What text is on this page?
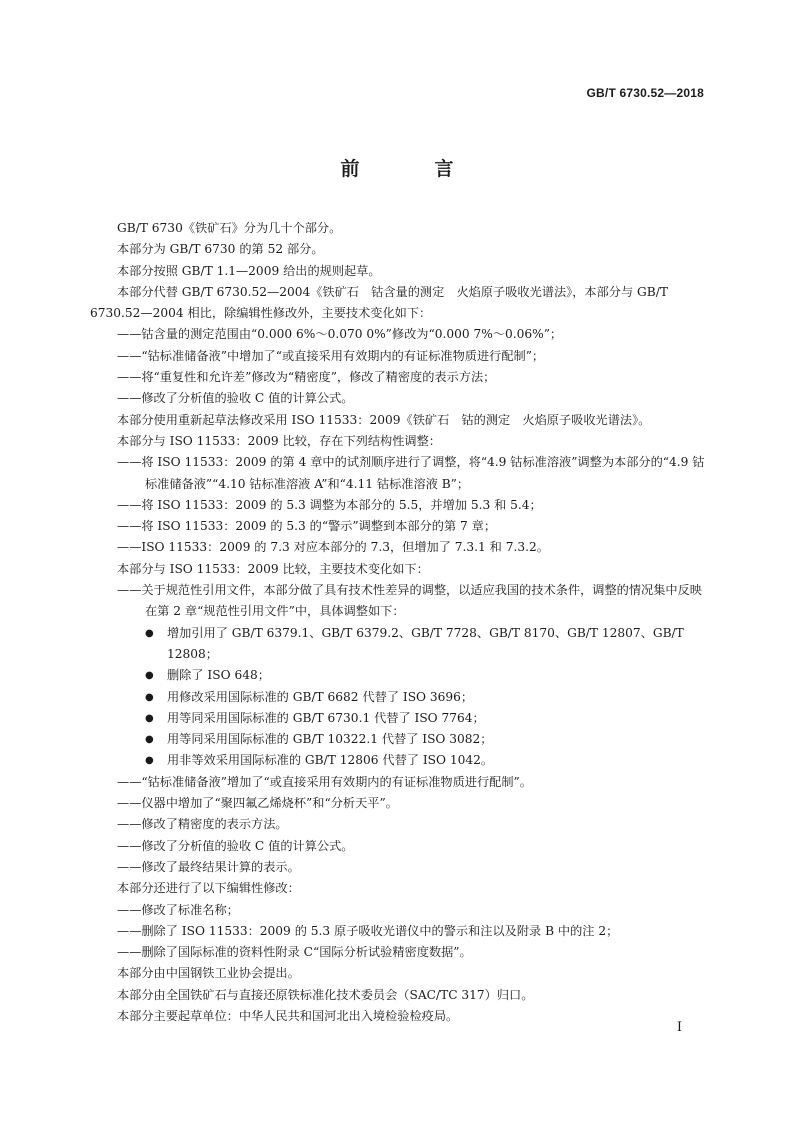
GB/T 6730.52—2018
前　言

GB/T 6730《铁矿石》分为几十个部分。

本部分为 GB/T 6730 的第 52 部分。

本部分按照 GB/T 1.1—2009 给出的规则起草。

本部分代替 GB/T 6730.52—2004《铁矿石　钴含量的测定　火焰原子吸收光谱法》，本部分与 GB/T 6730.52—2004 相比，除编辑性修改外，主要技术变化如下：

——钴含量的测定范围由“0.000 6%～0.070 0%”修改为“0.000 7%～0.06%”；

——“钴标准储备液”中增加了“或直接采用有效期内的有证标准物质进行配制”；

——将“重复性和允许差”修改为“精密度”，修改了精密度的表示方法；

——修改了分析值的验收 C 值的计算公式。

本部分使用重新起草法修改采用 ISO 11533：2009《铁矿石　钴的测定　火焰原子吸收光谱法》。

本部分与 ISO 11533：2009 比较，存在下列结构性调整：

——将 ISO 11533：2009 的第 4 章中的试剂顺序进行了调整，将“4.9 钴标准溶液”调整为本部分的“4.9 钴标准储备液”“4.10 钴标准溶液 A”和“4.11 钴标准溶液 B”；

——将 ISO 11533：2009 的 5.3 调整为本部分的 5.5，并增加 5.3 和 5.4；

——将 ISO 11533：2009 的 5.3 的“警示”调整到本部分的第 7 章；

——ISO 11533：2009 的 7.3 对应本部分的 7.3，但增加了 7.3.1 和 7.3.2。

本部分与 ISO 11533：2009 比较，主要技术变化如下：

——关于规范性引用文件，本部分做了具有技术性差异的调整，以适应我国的技术条件，调整的情况集中反映在第 2 章“规范性引用文件”中，具体调整如下：

●	增加引用了 GB/T 6379.1、GB/T 6379.2、GB/T 7728、GB/T 8170、GB/T 12807、GB/T 12808；
●	删除了 ISO 648；
●	用修改采用国际标准的 GB/T 6682 代替了 ISO 3696；
●	用等同采用国际标准的 GB/T 6730.1 代替了 ISO 7764；
●	用等同采用国际标准的 GB/T 10322.1 代替了 ISO 3082；
●	用非等效采用国际标准的 GB/T 12806 代替了 ISO 1042。

——“钴标准储备液”增加了“或直接采用有效期内的有证标准物质进行配制”。

——仪器中增加了“聚四氟乙烯烧杯”和“分析天平”。

——修改了精密度的表示方法。

——修改了分析值的验收 C 值的计算公式。

——修改了最终结果计算的表示。

本部分还进行了以下编辑性修改：

——修改了标准名称；

——删除了 ISO 11533：2009 的 5.3 原子吸收光谱仪中的警示和注以及附录 B 中的注 2；

——删除了国际标准的资料性附录 C“国际分析试验精密度数据”。

本部分由中国钢铁工业协会提出。

本部分由全国铁矿石与直接还原铁标准化技术委员会（SAC/TC 317）归口。

本部分主要起草单位：中华人民共和国河北出入境检验检疫局。

I
